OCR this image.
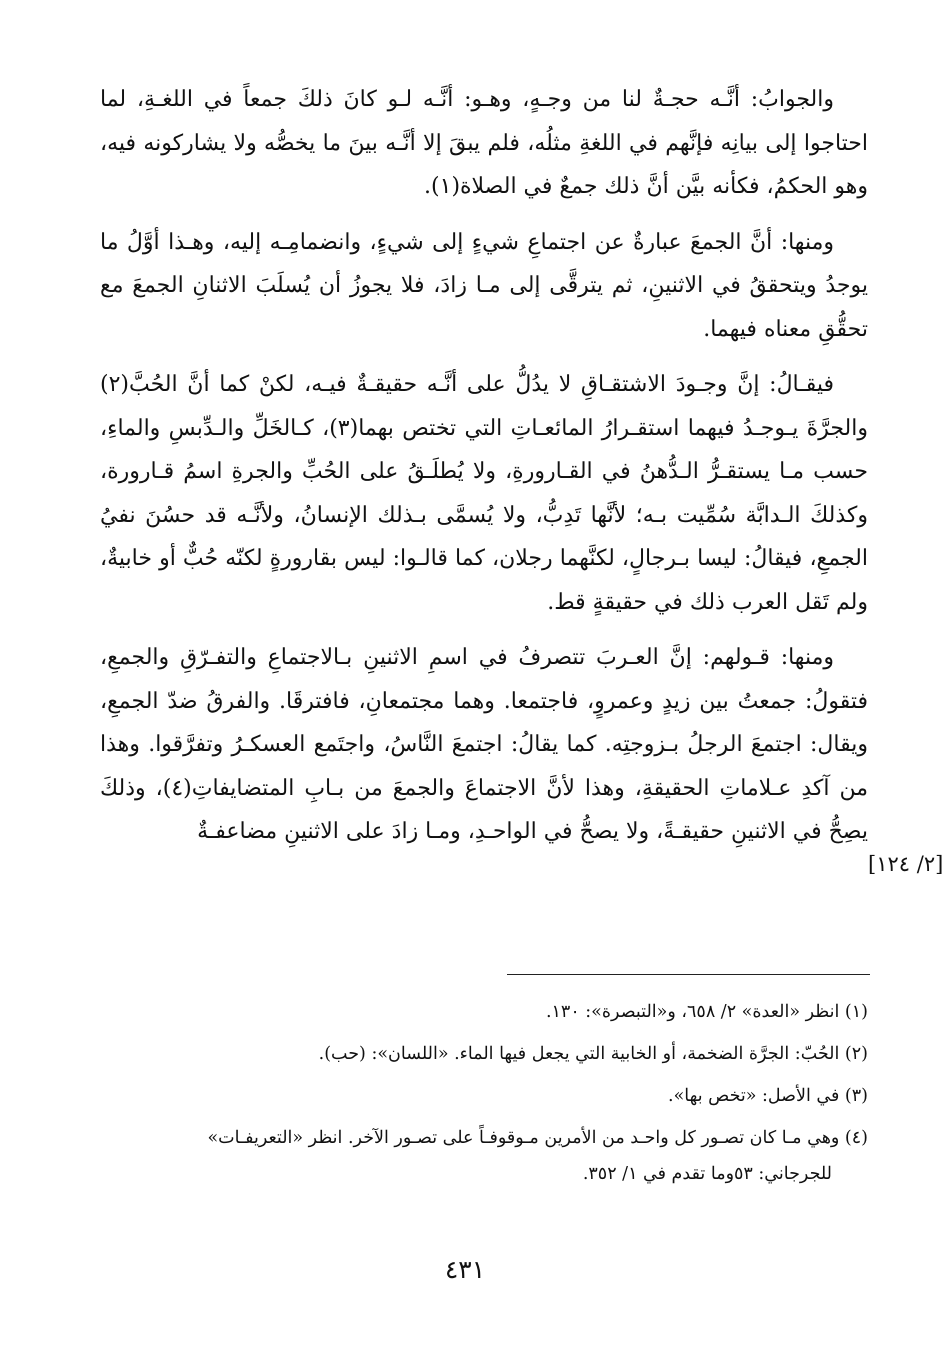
والجوابُ: أنَّـه حجـةٌ لنا من وجـهٍ، وهـو: أنَّـه لـو كانَ ذلكَ جمعاً في اللغـةِ، لما احتاجوا إلى بيانِه فإنَّهم في اللغةِ مثلُه، فلم يبقَ إلا أنَّـه بينَ ما يخصُّه ولا يشاركونه فيه، وهو الحكمُ، فكأنه بيَّن أنَّ ذلك جمعٌ في الصلاة(١).

ومنها: أنَّ الجمعَ عبارةٌ عن اجتماعِ شيءٍ إلى شيءٍ، وانضمامِـه إليه، وهـذا أوَّلُ ما يوجدُ ويتحققُ في الاثنينِ، ثم يترقَّى إلى مـا زادَ، فلا يجوزُ أن يُسلَبَ الاثنانِ الجمعَ مع تحقُّقِ معناه فيهما.

فيقـالُ: إنَّ وجـودَ الاشتقـاقِ لا يدُلُّ على أنَّـه حقيقـةٌ فيـه، لكنْ كما أنَّ الحُبَّ(٢) والجرَّةَ يـوجـدُ فيهما استقـرارُ المائعـاتِ التي تختص بهما(٣)، كـالخَلِّ والـدِّبسِ والماءِ، حسب مـا يستقـرُّ الـدُّهنُ في القـارورةِ، ولا يُطلَـقُ على الحُبِّ والجرةِ اسمُ قـارورة، وكذلكَ الـدابَّة سُمِّيت بـه؛ لأنَّها تَدِبُّ، ولا يُسمَّى بـذلك الإنسانُ، ولأنَّـه قد حسُنَ نفيُ الجمعِ، فيقالُ: ليسا بـرجالٍ، لكنَّهما رجلان، كما قالـوا: ليس بقارورةٍ لكنّه حُبٌّ أو خابيةٌ، ولم تَقل العرب ذلك في حقيقةٍ قط.

ومنها: قـولهم: إنَّ العـربَ تتصرفُ في اسمِ الاثنينِ بـالاجتماعِ والتفـرّقِ والجمعِ، فتقولُ: جمعتُ بين زيدٍ وعمروٍ، فاجتمعا. وهما مجتمعانِ، فافترقَا. والفرقُ ضدّ الجمعِ، ويقال: اجتمعَ الرجلُ بـزوجتِه. كما يقالُ: اجتمعَ النَّاسُ، واجتَمع العسكـرُ وتفرَّقوا. وهذا من آكدِ عـلاماتِ الحقيقةِ، وهذا لأنَّ الاجتماعَ والجمعَ من بـابِ المتضايفاتِ(٤)، وذلكَ يصِحُّ في الاثنينِ حقيقـةً، ولا يصحُّ في الواحـدِ، ومـا زادَ على الاثنينِ مضاعفـةٌ

[٢/ ١٢٤]

(١) انظر «العدة» ٢/ ٦٥٨، و«التبصرة»: ١٣٠.

(٢) الحُبّ: الجرَّة الضخمة، أو الخابية التي يجعل فيها الماء. «اللسان»: (حب).

(٣) في الأصل: «تخص بها».

(٤) وهي مـا كان تصـور كل واحـد من الأمرين مـوقوفـاً على تصـور الآخر. انظر «التعريفـات»
للجرجاني: ٥٣وما تقدم في ١/ ٣٥٢.

٤٣١
